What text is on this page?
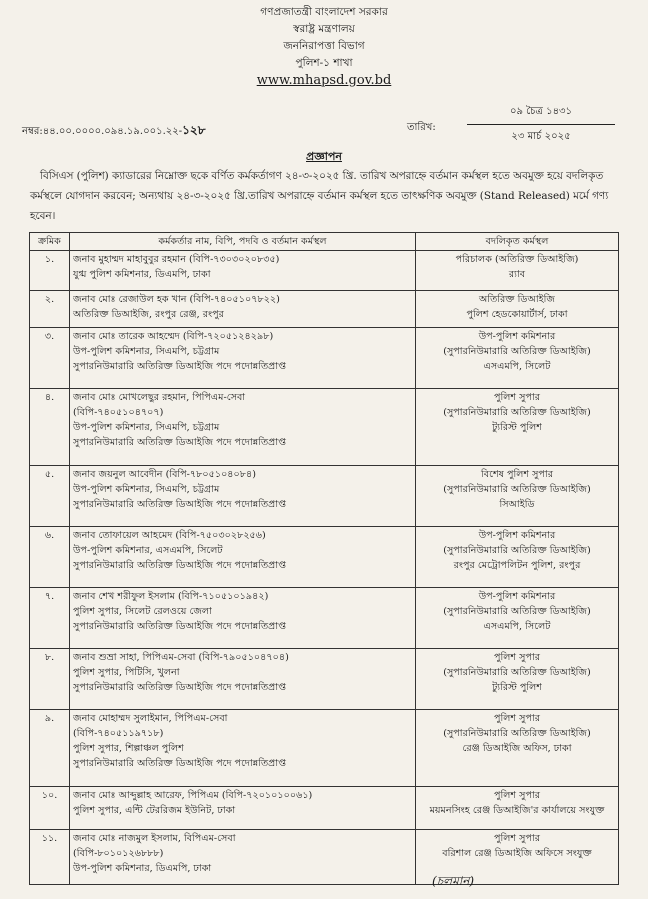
গণপ্রজাতন্ত্রী বাংলাদেশ সরকার
স্বরাষ্ট্র মন্ত্রণালয়
জননিরাপত্তা বিভাগ
পুলিশ-১ শাখা
www.mhapsd.gov.bd
নম্বর:৪৪.০০.০০০০.০৯৪.১৯.০০১.২২-১২৮	তারিখ:
০৯ চৈত্র ১৪৩১
২৩ মার্চ ২০২৫
প্রজ্ঞাপন
বিসিএস (পুলিশ) ক্যাডারের নিম্নোক্ত ছকে বর্ণিত কর্মকর্তাগণ ২৪-৩-২০২৫ খ্রি. তারিখ অপরাহ্নে বর্তমান কর্মস্থল হতে অবমুক্ত হয়ে বদলিকৃত কর্মস্থলে যোগদান করবেন; অন্যথায় ২৪-৩-২০২৫ খ্রি.তারিখ অপরাহ্নে বর্তমান কর্মস্থল হতে তাৎক্ষণিক অবমুক্ত (Stand Released) মর্মে গণ্য হবেন।
ক্রমিক	কর্মকর্তার নাম, বিপি, পদবি ও বর্তমান কর্মস্থল	বদলিকৃত কর্মস্থল
১.	জনাব মুহাম্মদ মাহাবুবুর রহমান (বিপি-৭৩০৩০২০৮৩৫)
যুগ্ম পুলিশ কমিশনার, ডিএমপি, ঢাকা	পরিচালক (অতিরিক্ত ডিআইজি)
র‍্যাব

২.	জনাব মোঃ রেজাউল হক খান (বিপি-৭৪০৫১০৭৮২২)
অতিরিক্ত ডিআইজি, রংপুর রেঞ্জ, রংপুর	অতিরিক্ত ডিআইজি
পুলিশ হেডকোয়ার্টার্স, ঢাকা

৩.	জনাব মোঃ তারেক আহম্মেদ (বিপি-৭২০৫১২৪২৯৮)
উপ-পুলিশ কমিশনার, সিএমপি, চট্টগ্রাম
সুপারনিউমারারি অতিরিক্ত ডিআইজি পদে পদোন্নতিপ্রাপ্ত	উপ-পুলিশ কমিশনার
(সুপারনিউমারারি অতিরিক্ত ডিআইজি)
এসএমপি, সিলেট

৪.	জনাব মোঃ মোখলেছুর রহমান, পিপিএম-সেবা
(বিপি-৭৪০৫১০৪৭০৭)
উপ-পুলিশ কমিশনার, সিএমপি, চট্টগ্রাম
সুপারনিউমারারি অতিরিক্ত ডিআইজি পদে পদোন্নতিপ্রাপ্ত	পুলিশ সুপার
(সুপারনিউমারারি অতিরিক্ত ডিআইজি)
ট্যুরিস্ট পুলিশ

৫.	জনাব জয়নুল আবেদীন (বিপি-৭৮০৫১০৪০৮৪)
উপ-পুলিশ কমিশনার, সিএমপি, চট্টগ্রাম
সুপারনিউমারারি অতিরিক্ত ডিআইজি পদে পদোন্নতিপ্রাপ্ত	বিশেষ পুলিশ সুপার
(সুপারনিউমারারি অতিরিক্ত ডিআইজি)
সিআইডি

৬.	জনাব তোফায়েল আহমেদ (বিপি-৭৫০৩০২৮২৫৬)
উপ-পুলিশ কমিশনার, এসএমপি, সিলেট
সুপারনিউমারারি অতিরিক্ত ডিআইজি পদে পদোন্নতিপ্রাপ্ত	উপ-পুলিশ কমিশনার
(সুপারনিউমারারি অতিরিক্ত ডিআইজি)
রংপুর মেট্রোপলিটন পুলিশ, রংপুর

৭.	জনাব শেখ শরীফুল ইসলাম (বিপি-৭১০৫১০১৯৪২)
পুলিশ সুপার, সিলেট রেলওয়ে জেলা
সুপারনিউমারারি অতিরিক্ত ডিআইজি পদে পদোন্নতিপ্রাপ্ত	উপ-পুলিশ কমিশনার
(সুপারনিউমারারি অতিরিক্ত ডিআইজি)
এসএমপি, সিলেট

৮.	জনাব শুভ্রা সাহা, পিপিএম-সেবা (বিপি-৭৯০৫১০৪৭০৪)
পুলিশ সুপার, পিটিসি, খুলনা
সুপারনিউমারারি অতিরিক্ত ডিআইজি পদে পদোন্নতিপ্রাপ্ত	পুলিশ সুপার
(সুপারনিউমারারি অতিরিক্ত ডিআইজি)
ট্যুরিস্ট পুলিশ

৯.	জনাব মোহাম্মদ সুলাইমান, পিপিএম-সেবা
(বিপি-৭৪০৫১১৯৭১৮)
পুলিশ সুপার, শিল্পাঞ্চল পুলিশ
সুপারনিউমারারি অতিরিক্ত ডিআইজি পদে পদোন্নতিপ্রাপ্ত	পুলিশ সুপার
(সুপারনিউমারারি অতিরিক্ত ডিআইজি)
রেঞ্জ ডিআইজি অফিস, ঢাকা

১০.	জনাব মোঃ আব্দুল্লাহ আরেফ, পিপিএম (বিপি-৭২০১০১০০৬১)
পুলিশ সুপার, এন্টি টেররিজম ইউনিট, ঢাকা	পুলিশ সুপার
ময়মনসিংহ রেঞ্জ ডিআইজি'র কার্যালয়ে সংযুক্ত

১১.	জনাব মোঃ নাজমুল ইসলাম, বিপিএম-সেবা
(বিপি-৮০১০১২৬৮৮৮)
উপ-পুলিশ কমিশনার, ডিএমপি, ঢাকা	পুলিশ সুপার
বরিশাল রেঞ্জ ডিআইজি অফিসে সংযুক্ত
(চলমান)
